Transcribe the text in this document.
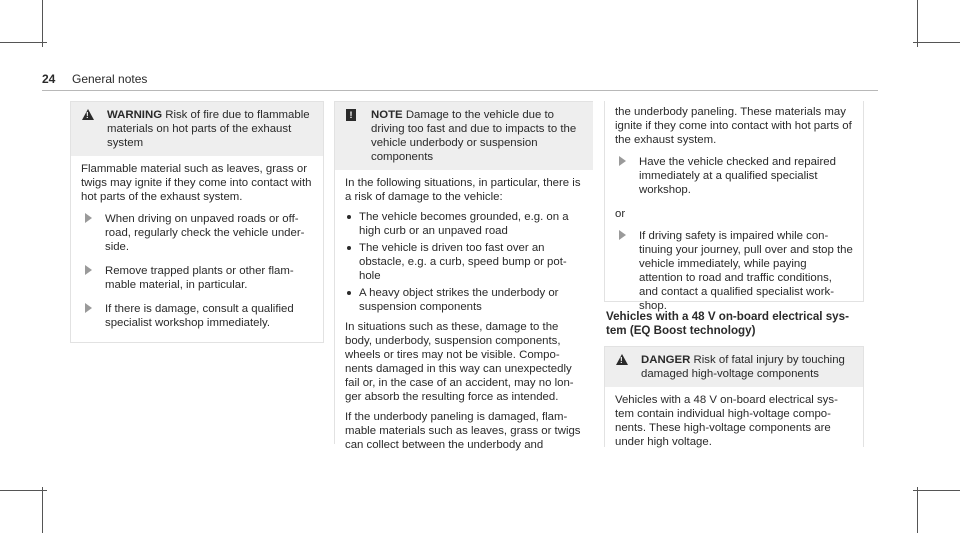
24 General notes
!	WARNING Risk of fire due to flammable materials on hot parts of the exhaust system

Flammable material such as leaves, grass or twigs may ignite if they come into contact with hot parts of the exhaust system.

When driving on unpaved roads or off-road, regularly check the vehicle under-side.
Remove trapped plants or other flam-mable material, in particular.
If there is damage, consult a qualified specialist workshop immediately.
!	NOTE Damage to the vehicle due to driving too fast and due to impacts to the vehicle underbody or suspension components

In the following situations, in particular, there is a risk of damage to the vehicle:

The vehicle becomes grounded, e.g. on a high curb or an unpaved road
The vehicle is driven too fast over an obstacle, e.g. a curb, speed bump or pot-hole
A heavy object strikes the underbody or suspension components

In situations such as these, damage to the body, underbody, suspension components, wheels or tires may not be visible. Compo-nents damaged in this way can unexpectedly fail or, in the case of an accident, may no lon-ger absorb the resulting force as intended.

If the underbody paneling is damaged, flam-mable materials such as leaves, grass or twigs can collect between the underbody and

the underbody paneling. These materials may ignite if they come into contact with hot parts of the exhaust system.

Have the vehicle checked and repaired immediately at a qualified specialist workshop.
or
If driving safety is impaired while con-tinuing your journey, pull over and stop the vehicle immediately, while paying attention to road and traffic conditions, and contact a qualified specialist work-shop.
Vehicles with a 48 V on-board electrical sys-tem (EQ Boost technology)
!	DANGER Risk of fatal injury by touching damaged high-voltage components

Vehicles with a 48 V on-board electrical sys-tem contain individual high-voltage compo-nents. These high-voltage components are under high voltage.
